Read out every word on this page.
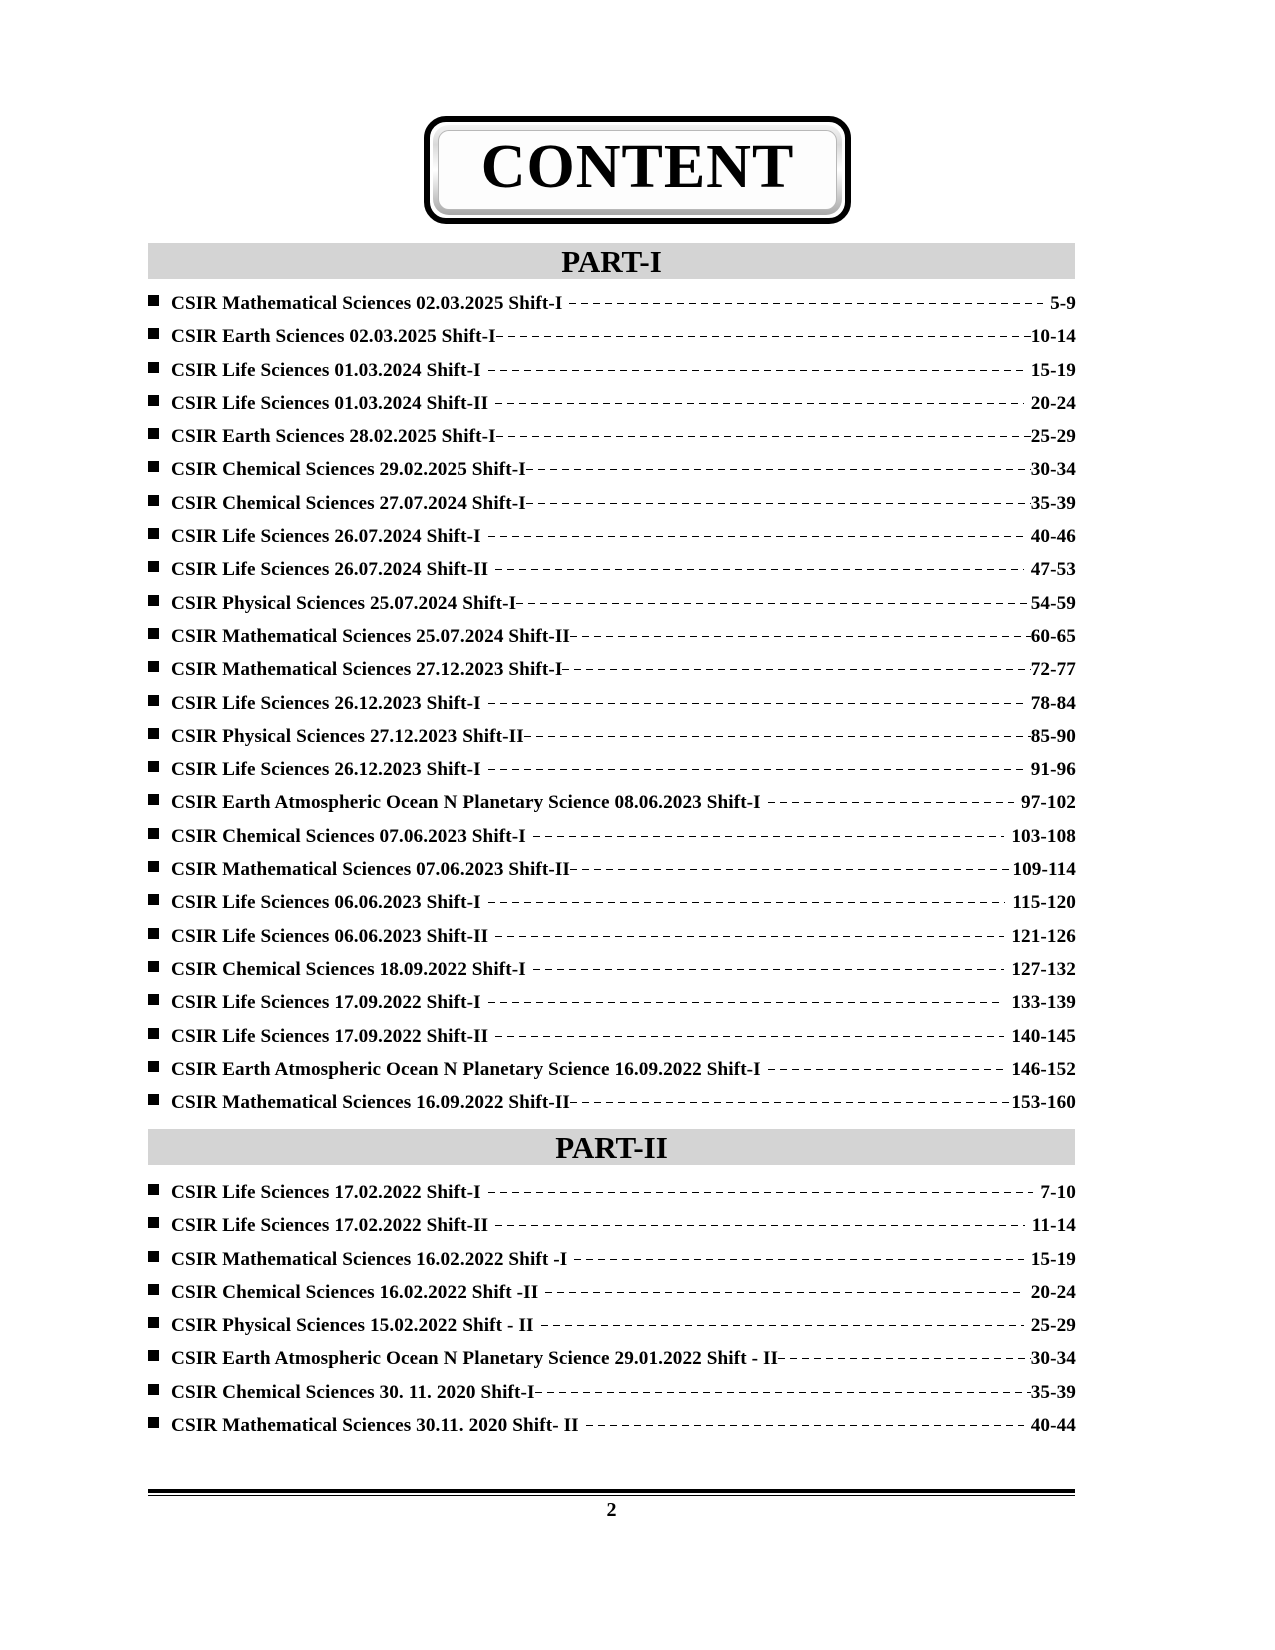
CONTENT
PART-I
CSIR Mathematical Sciences 02.03.2025 Shift-I	5-9
CSIR Earth Sciences 02.03.2025 Shift-I	10-14
CSIR Life Sciences 01.03.2024 Shift-I	15-19
CSIR Life Sciences 01.03.2024 Shift-II	20-24
CSIR Earth Sciences 28.02.2025 Shift-I	25-29
CSIR Chemical Sciences 29.02.2025 Shift-I	30-34
CSIR Chemical Sciences 27.07.2024 Shift-I	35-39
CSIR Life Sciences 26.07.2024 Shift-I	40-46
CSIR Life Sciences 26.07.2024 Shift-II	47-53
CSIR Physical Sciences 25.07.2024 Shift-I	54-59
CSIR Mathematical Sciences 25.07.2024 Shift-II	60-65
CSIR Mathematical Sciences 27.12.2023 Shift-I	72-77
CSIR Life Sciences 26.12.2023 Shift-I	78-84
CSIR Physical Sciences 27.12.2023 Shift-II	85-90
CSIR Life Sciences 26.12.2023 Shift-I	91-96
CSIR Earth Atmospheric Ocean N Planetary Science 08.06.2023 Shift-I	97-102
CSIR Chemical Sciences 07.06.2023 Shift-I	103-108
CSIR Mathematical Sciences 07.06.2023 Shift-II	109-114
CSIR Life Sciences 06.06.2023 Shift-I	115-120
CSIR Life Sciences 06.06.2023 Shift-II	121-126
CSIR Chemical Sciences 18.09.2022 Shift-I	127-132
CSIR Life Sciences 17.09.2022 Shift-I	133-139
CSIR Life Sciences 17.09.2022 Shift-II	140-145
CSIR Earth Atmospheric Ocean N Planetary Science 16.09.2022 Shift-I	146-152
CSIR Mathematical Sciences 16.09.2022 Shift-II	153-160
PART-II
CSIR Life Sciences 17.02.2022 Shift-I	7-10
CSIR Life Sciences 17.02.2022 Shift-II	11-14
CSIR Mathematical Sciences 16.02.2022 Shift -I	15-19
CSIR Chemical Sciences 16.02.2022 Shift -II	20-24
CSIR Physical Sciences 15.02.2022 Shift - II	25-29
CSIR Earth Atmospheric Ocean N Planetary Science 29.01.2022 Shift - II	30-34
CSIR Chemical Sciences 30. 11. 2020 Shift-I	35-39
CSIR Mathematical Sciences 30.11. 2020 Shift- II	40-44
2
